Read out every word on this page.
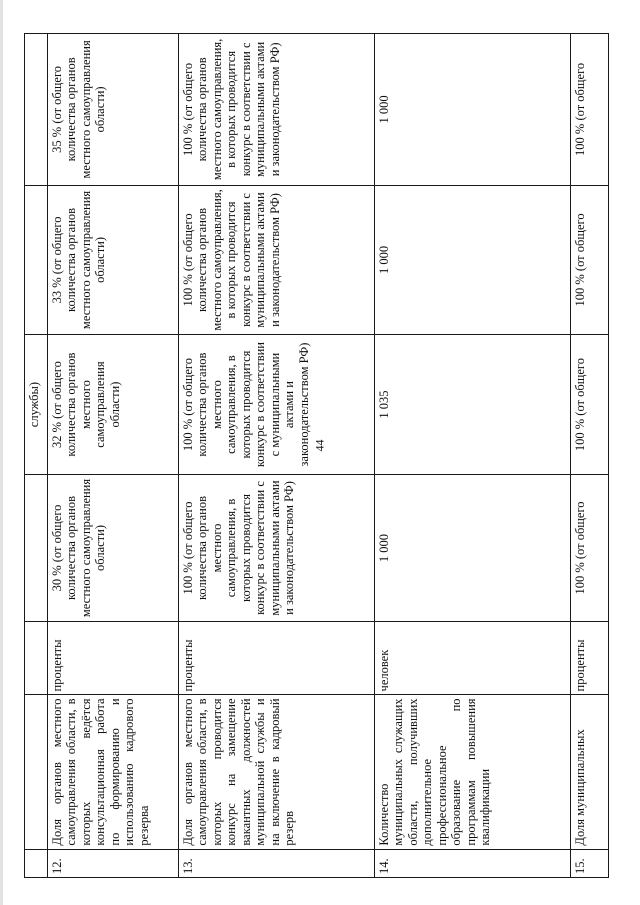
44
				службы)		
12.	Доля органов местного самоуправления области, в которых ведётся консультационная работа по формированию и использованию кадрового резерва	проценты	30 % (от общего количества органов местного самоуправления области)	32 % (от общего количества органов местного самоуправления области)	33 % (от общего количества органов местного самоуправления области)	35 % (от общего количества органов местного самоуправления области)
13.	Доля органов местного самоуправления области, в которых проводится конкурс на замещение вакантных должностей муниципальной службы и на включение в кадровый резерв	проценты	100 % (от общего количества органов местного самоуправления, в которых проводится конкурс в соответствии с муниципальными актами и законодательством РФ)	100 % (от общего количества органов местного самоуправления, в которых проводится конкурс в соответствии с муниципальными актами и законодательством РФ)	100 % (от общего количества органов местного самоуправления, в которых проводится конкурс в соответствии с муниципальными актами и законодательством РФ)	100 % (от общего количества органов местного самоуправления, в которых проводится конкурс в соответствии с муниципальными актами и законодательством РФ)
14.	Количество муниципальных служащих области, получивших дополнительное профессиональное образование по программам повышения квалификации	человек	1 000	1 035	1 000	1 000
15.	Доля муниципальных	проценты	100 % (от общего	100 % (от общего	100 % (от общего	100 % (от общего
